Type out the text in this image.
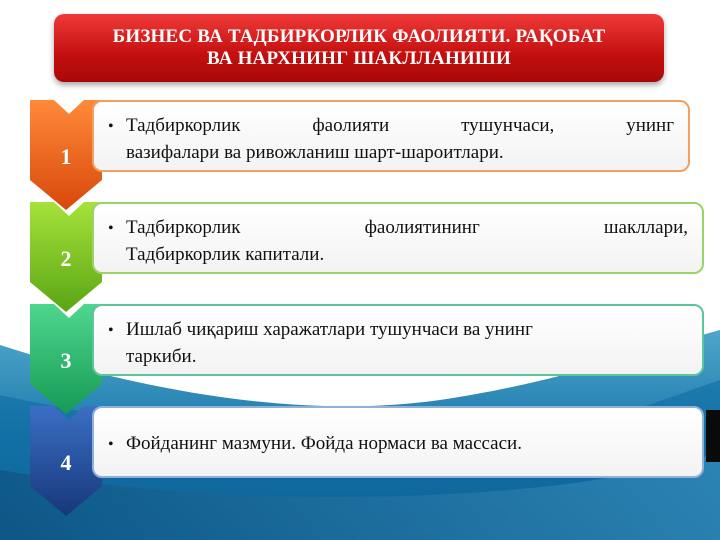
БИЗНЕС ВА ТАДБИРКОРЛИК ФАОЛИЯТИ. РАҚОБАТ
ВА НАРХНИНГ ШАКЛЛАНИШИ
1
• Тадбиркорлик	фаолияти	тушунчаси,	унинг
вазифалари ва ривожланиш шарт-шароитлари.
2
• Тадбиркорлик	фаолиятининг	шакллари,
Тадбиркорлик капитали.
3
• Ишлаб чиқариш харажатлари тушунчаси ва унинг
таркиби.
4
• Фойданинг мазмуни. Фойда нормаси ва массаси.
